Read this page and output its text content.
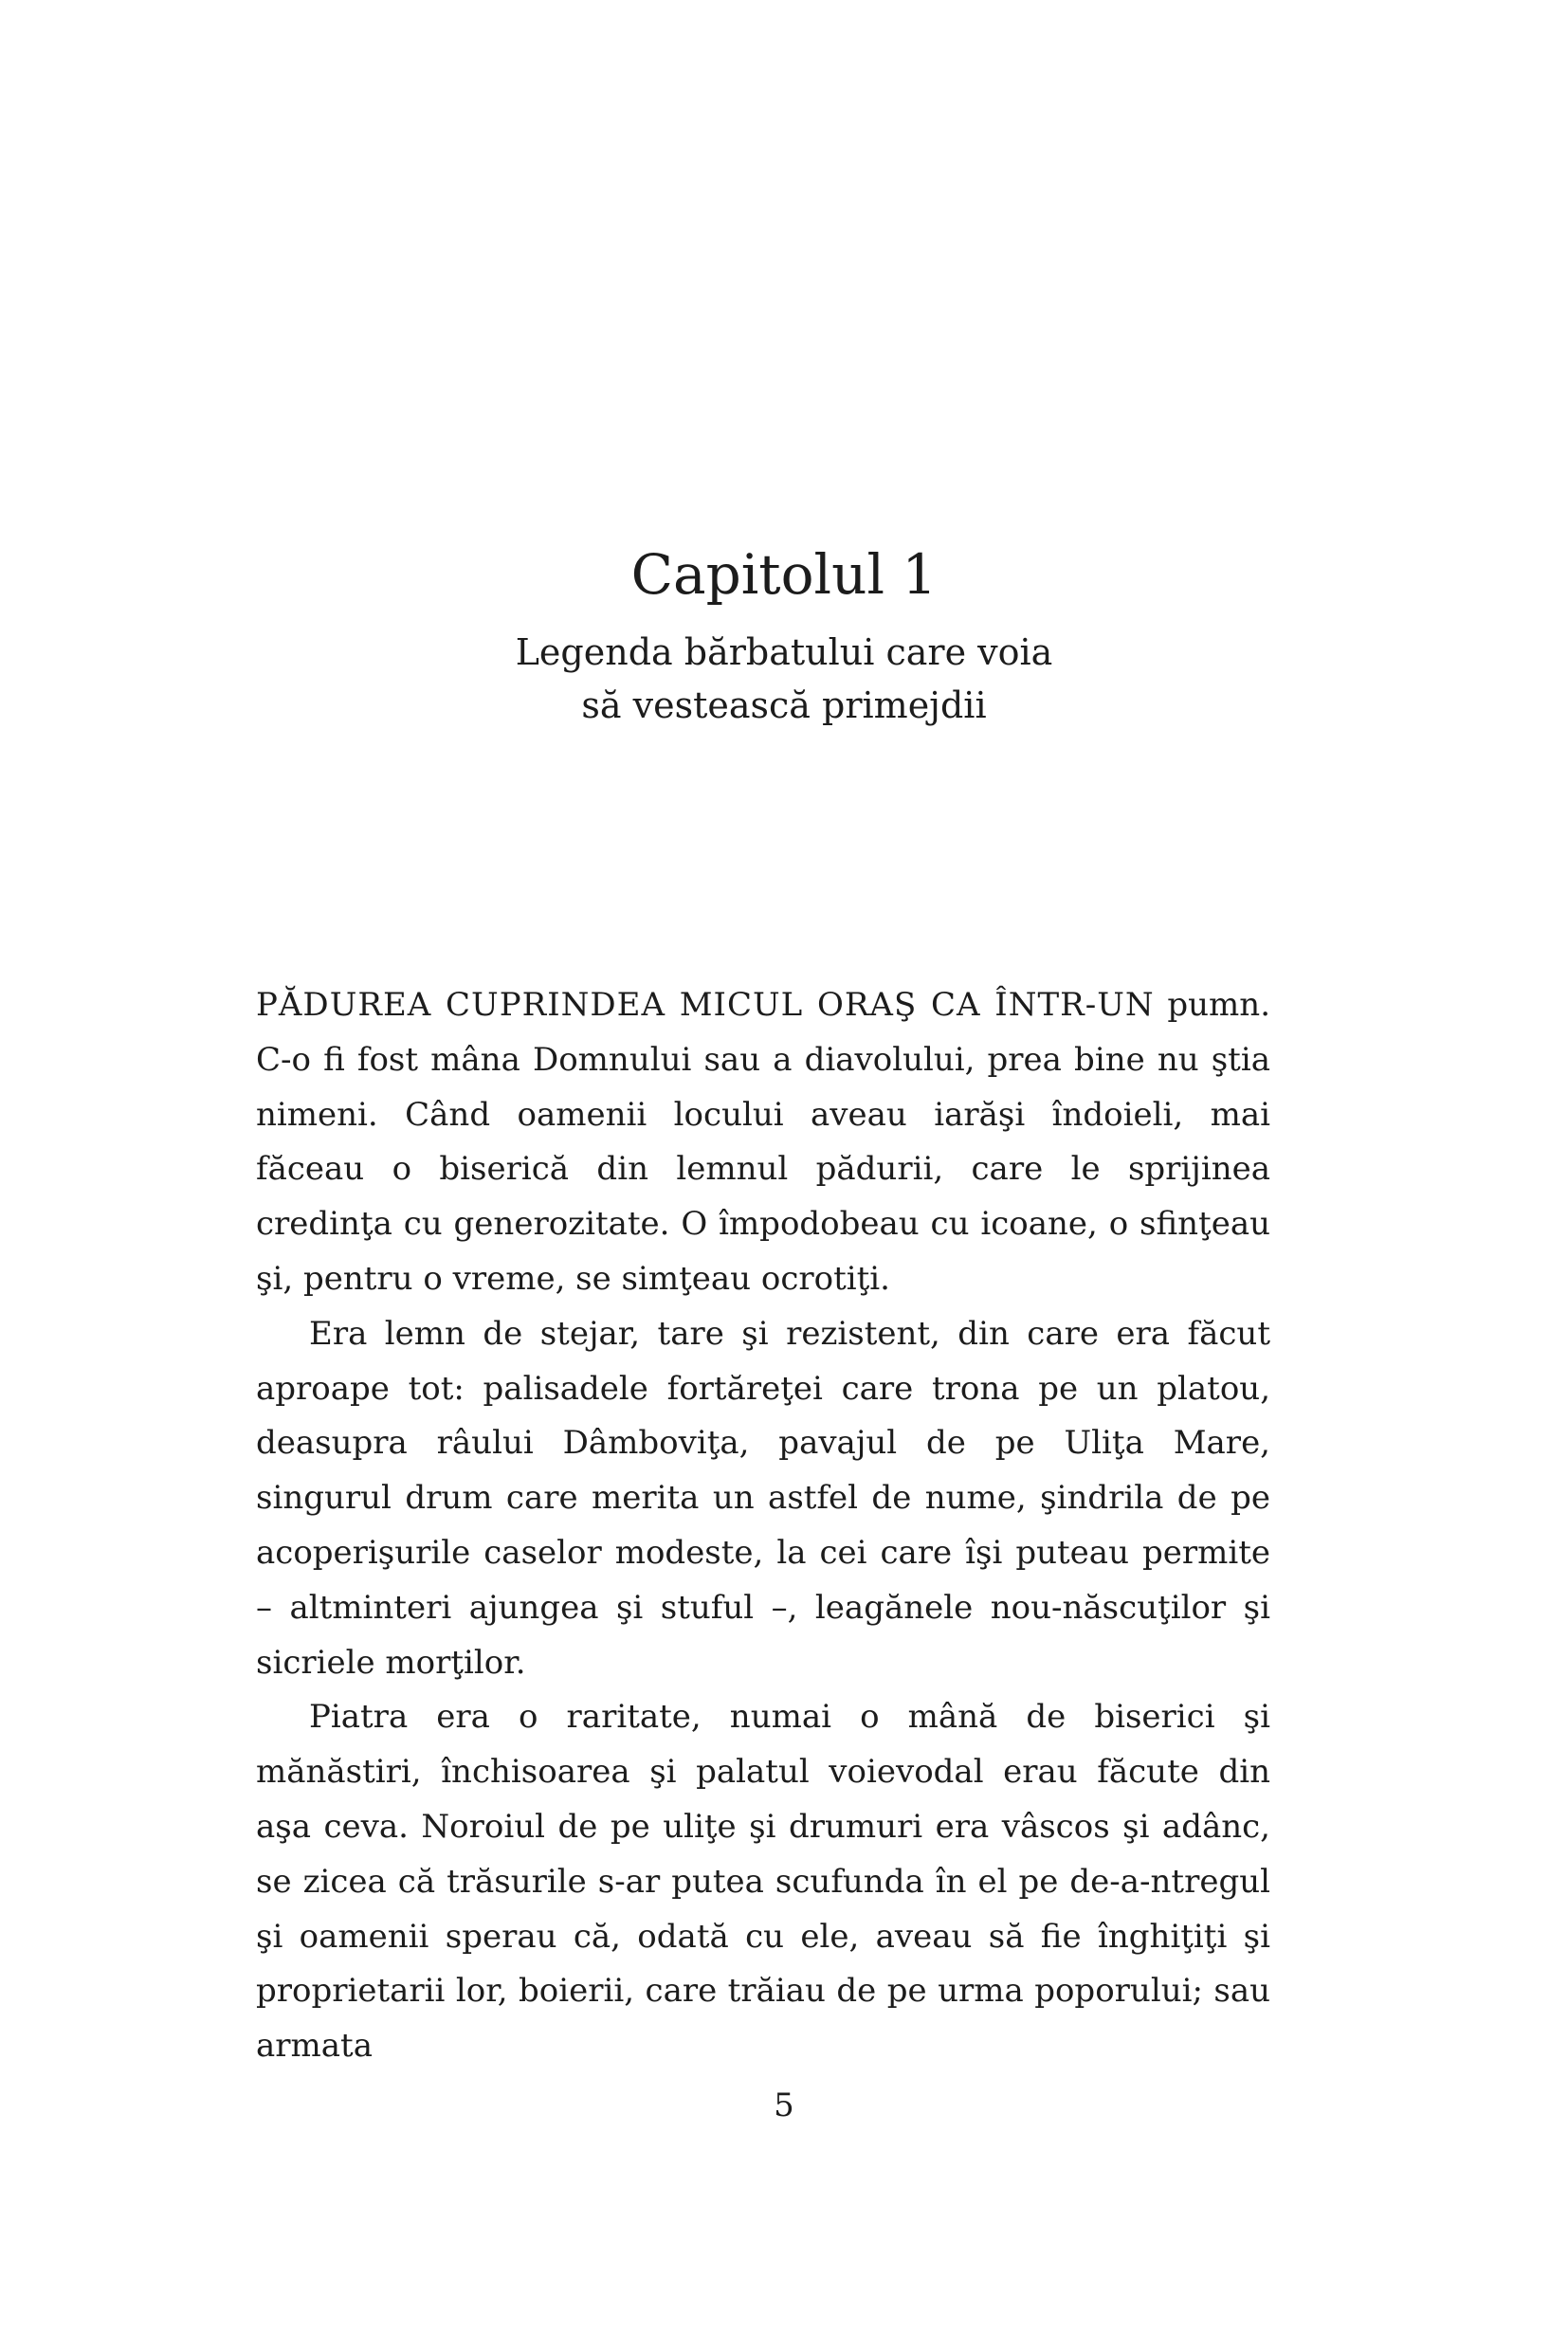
Capitolul 1
Legenda bărbatului care voia
să vestească primejdii

PĂDUREA CUPRINDEA MICUL ORAŞ CA ÎNTR-UN pumn. C-o fi fost mâna Domnului sau a diavolului, prea bine nu ştia nimeni. Când oamenii locului aveau iarăşi îndoieli, mai făceau o biserică din lemnul pădurii, care le sprijinea credinţa cu generozitate. O împodobeau cu icoane, o sfinţeau şi, pentru o vreme, se simţeau ocrotiţi.

Era lemn de stejar, tare şi rezistent, din care era făcut aproape tot: palisadele fortăreţei care trona pe un platou, deasupra râului Dâmboviţa, pavajul de pe Uliţa Mare, singurul drum care merita un astfel de nume, şindrila de pe acoperişurile caselor modeste, la cei care îşi puteau permite – altminteri ajungea şi stuful –, leagănele nou-născuţilor şi sicriele morţilor.

Piatra era o raritate, numai o mână de biserici şi mănăstiri, închisoarea şi palatul voievodal erau făcute din aşa ceva. Noroiul de pe uliţe şi drumuri era vâscos şi adânc, se zicea că trăsurile s-ar putea scufunda în el pe de-a-ntregul şi oamenii sperau că, odată cu ele, aveau să fie înghiţiţi şi proprietarii lor, boierii, care trăiau de pe urma poporului; sau armata

5
